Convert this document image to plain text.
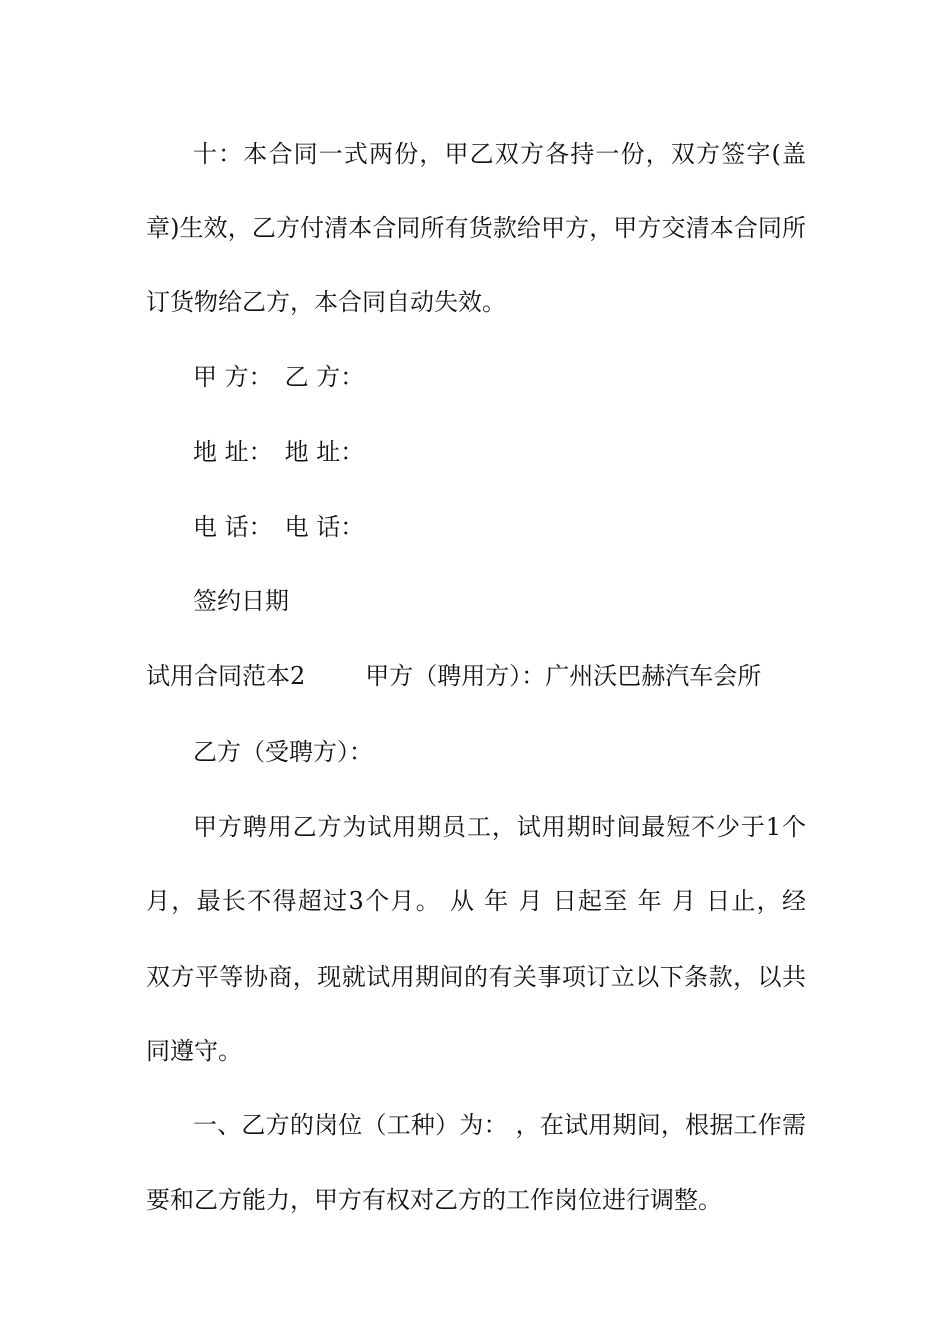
十：本合同一式两份，甲乙双方各持一份，双方签字(盖
章)生效，乙方付清本合同所有货款给甲方，甲方交清本合同所
订货物给乙方，本合同自动失效。
甲 方： 乙 方：
地 址： 地 址：
电 话： 电 话：
签约日期
试用合同范本2	甲方（聘用方）：广州沃巴赫汽车会所
乙方（受聘方）：
甲方聘用乙方为试用期员工，试用期时间最短不少于1个
月，最长不得超过3个月。 从 年 月 日起至 年 月 日止，经
双方平等协商，现就试用期间的有关事项订立以下条款，以共
同遵守。
一、乙方的岗位（工种）为： ，在试用期间，根据工作需
要和乙方能力，甲方有权对乙方的工作岗位进行调整。
